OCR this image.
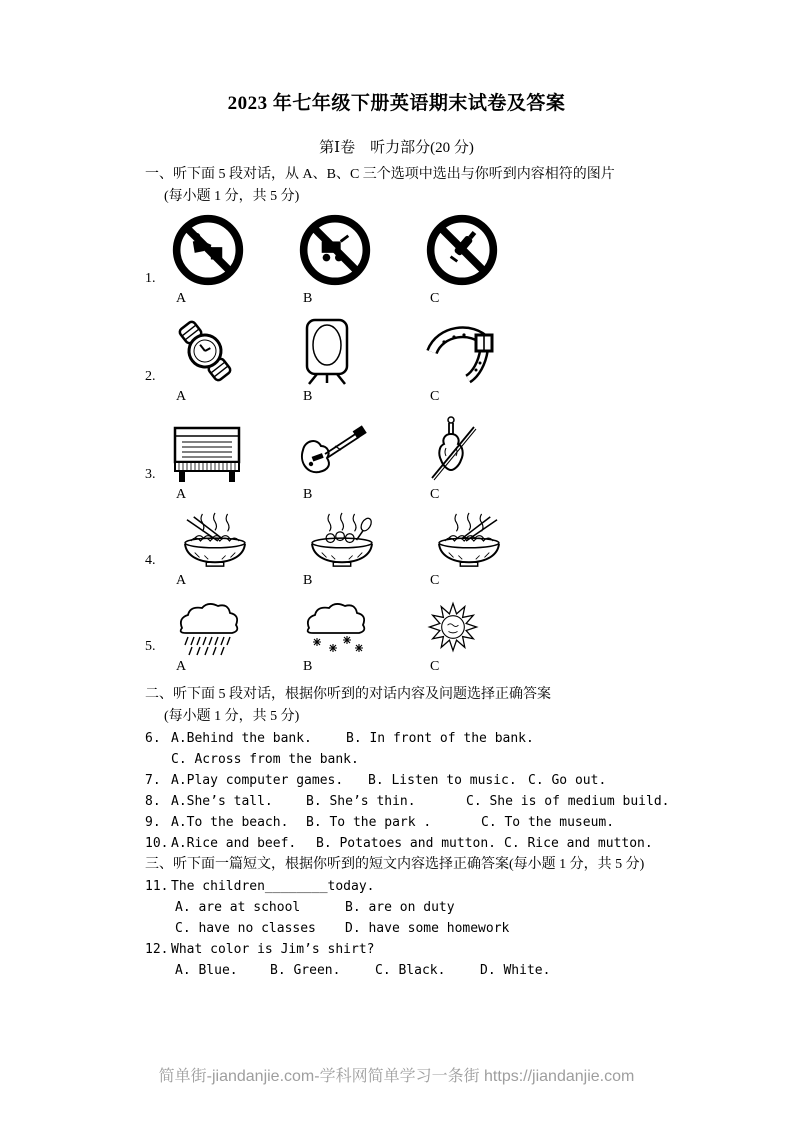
2023 年七年级下册英语期末试卷及答案
第Ⅰ卷　听力部分(20 分)
一、听下面 5 段对话，从 A、B、C 三个选项中选出与你听到内容相符的图片
(每小题 1 分，共 5 分)
1.
A	B	C
2.
A	B	C
3.
A	B	C
4.
A	B	C
5.
A	B	C
二、听下面 5 段对话，根据你听到的对话内容及问题选择正确答案
(每小题 1 分，共 5 分)
6. A.Behind the bank.	B. In front of the bank.
C. Across from the bank.
7. A.Play computer games.	B. Listen to music. C. Go out.
8. A.She’s tall.	B. She’s thin.	C. She is of medium build.
9. A.To the beach.	B. To the park .	C. To the museum.
10. A.Rice and beef.	B. Potatoes and mutton. C. Rice and mutton.
三、听下面一篇短文，根据你听到的短文内容选择正确答案(每小题 1 分，共 5 分)
11. The children________today.
A. are at school	B. are on duty
C. have no classes	D. have some homework
12. What color is Jim’s shirt?
A. Blue.	B. Green.	C. Black.	D. White.
简单街-jiandanjie.com-学科网简单学习一条街 https://jiandanjie.com
